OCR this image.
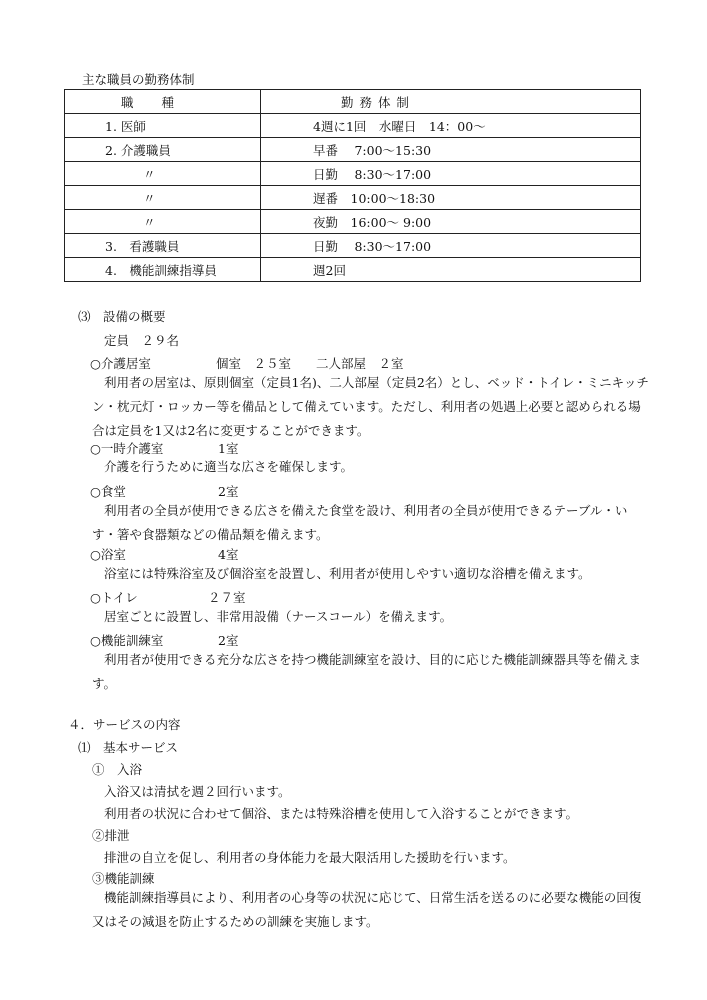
主な職員の勤務体制
職　　種	勤 務 体 制
1. 医師	4週に1回　水曜日　14：00～
2. 介護職員	早番　 7:00～15:30
〃	日勤　 8:30～17:00
〃	遅番　10:00～18:30
〃	夜勤　16:00～ 9:00
3.　看護職員	日勤　 8:30～17:00
4.　機能訓練指導員	週2回
⑶　設備の概要
定員　２９名
○介護居室	個室　２５室　　二人部屋　２室
利用者の居室は、原則個室（定員1名)、二人部屋（定員2名）とし、ベッド・トイレ・ミニキッチン・枕元灯・ロッカー等を備品として備えています。ただし、利用者の処遇上必要と認められる場合は定員を1又は2名に変更することができます。
○一時介護室	1室
介護を行うために適当な広さを確保します。
○食堂	2室
利用者の全員が使用できる広さを備えた食堂を設け、利用者の全員が使用できるテーブル・いす・箸や食器類などの備品類を備えます。
○浴室	4室
浴室には特殊浴室及び個浴室を設置し、利用者が使用しやすい適切な浴槽を備えます。
○トイレ	２７室
居室ごとに設置し、非常用設備（ナースコール）を備えます。
○機能訓練室	2室
利用者が使用できる充分な広さを持つ機能訓練室を設け、目的に応じた機能訓練器具等を備えます。
４．サービスの内容
⑴　基本サービス
①　入浴
入浴又は清拭を週２回行います。
利用者の状況に合わせて個浴、または特殊浴槽を使用して入浴することができます。
②排泄
排泄の自立を促し、利用者の身体能力を最大限活用した援助を行います。
③機能訓練
機能訓練指導員により、利用者の心身等の状況に応じて、日常生活を送るのに必要な機能の回復又はその減退を防止するための訓練を実施します。
